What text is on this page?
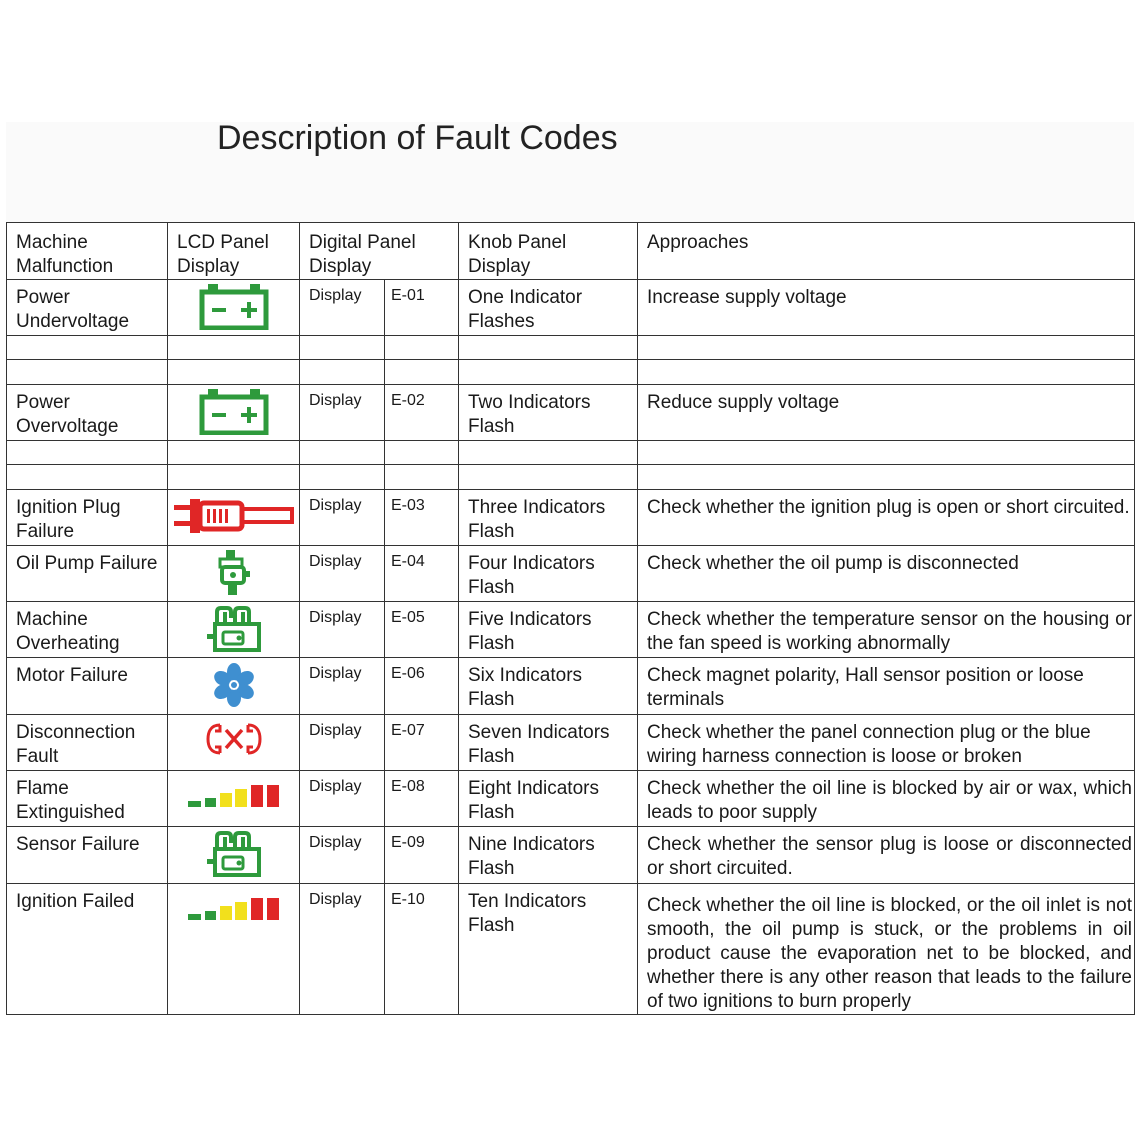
Description of Fault Codes
Machine Malfunction	LCD Panel Display	Digital Panel Display		Knob Panel Display	Approaches
Power Undervoltage		Display	E-01	One Indicator Flashes	Increase supply voltage

Power Overvoltage		Display	E-02	Two Indicators Flash	Reduce supply voltage

Ignition Plug Failure		Display	E-03	Three Indicators Flash	Check whether the ignition plug is open or short circuited.
Oil Pump Failure		Display	E-04	Four Indicators Flash	Check whether the oil pump is disconnected
Machine Overheating		Display	E-05	Five Indicators Flash	Check whether the temperature sensor on the housing or the fan speed is working abnormally
Motor Failure		Display	E-06	Six Indicators Flash	Check magnet polarity, Hall sensor position or loose terminals
Disconnection Fault		Display	E-07	Seven Indicators Flash	Check whether the panel connection plug or the blue wiring harness connection is loose or broken
Flame Extinguished		Display	E-08	Eight Indicators Flash	Check whether the oil line is blocked by air or wax, which leads to poor supply
Sensor Failure		Display	E-09	Nine Indicators Flash	Check whether the sensor plug is loose or disconnected or short circuited.
Ignition Failed		Display	E-10	Ten Indicators Flash	Check whether the oil line is blocked, or the oil inlet is not smooth, the oil pump is stuck, or the problems in oil product cause the evaporation net to be blocked, and whether there is any other reason that leads to the failure of two ignitions to burn properly
